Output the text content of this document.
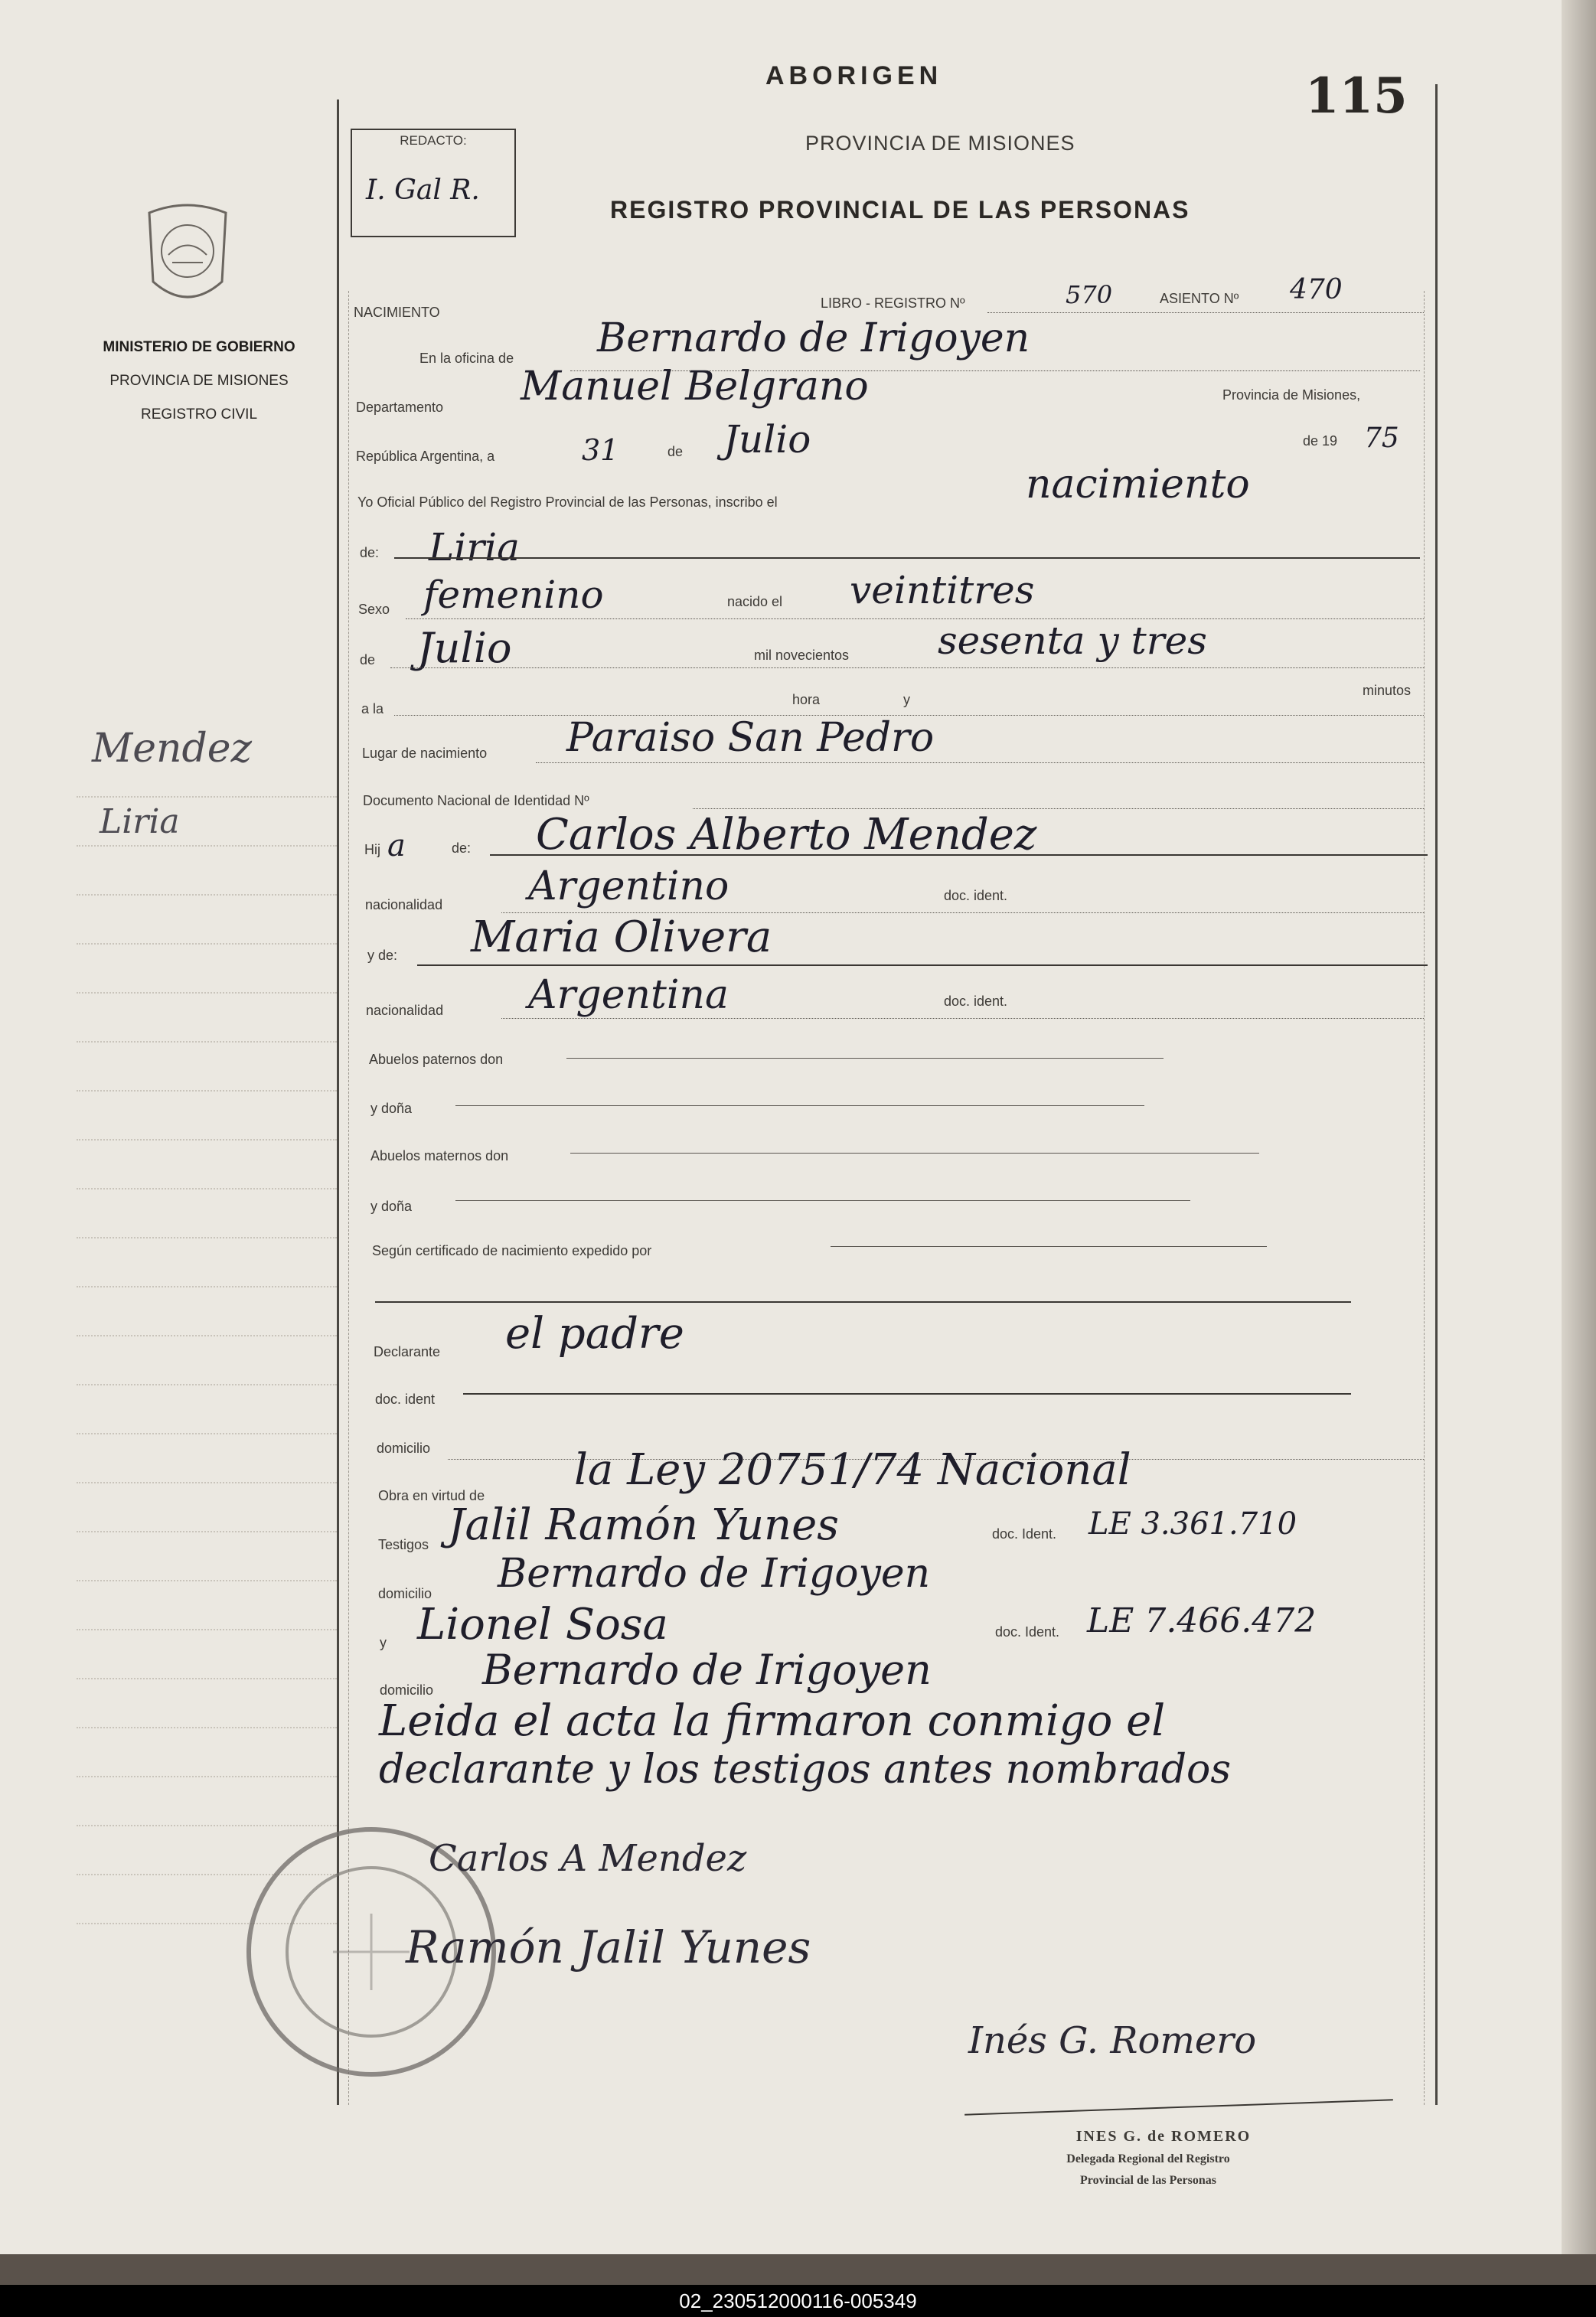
MINISTERIO DE GOBIERNO
PROVINCIA DE MISIONES
REGISTRO CIVIL
Mendez
Liria
ABORIGEN	115
PROVINCIA DE MISIONES
REGISTRO PROVINCIAL DE LAS PERSONAS
REDACTO:
I. Gal R.
NACIMIENTO
LIBRO - REGISTRO Nº	570	ASIENTO Nº 470
En la oficina de Bernardo de Irigoyen
Departamento Manuel Belgrano	Provincia de Misiones,
República Argentina, a	31	de Julio	de 19 75
Yo Oficial Público del Registro Provincial de las Personas, inscribo el	nacimiento
de: Liria
Sexo femenino	nacido el veintitres
de Julio	mil novecientos sesenta y tres
a la
hora	y
minutos
Lugar de nacimiento Paraiso San Pedro
Documento Nacional de Identidad Nº
Hij a	de: Carlos Alberto Mendez
nacionalidad Argentino	doc. ident.
y de: Maria Olivera
nacionalidad Argentina	doc. ident.
Abuelos paternos don
y doña
Abuelos maternos don
y doña
Según certificado de nacimiento expedido por
Declarante el padre
doc. ident
domicilio
Obra en virtud de
la Ley 20751/74 Nacional
Testigos Jalil Ramón Yunes	doc. Ident. LE 3.361.710
domicilio Bernardo de Irigoyen
y Lionel Sosa	doc. Ident. LE 7.466.472
domicilio Bernardo de Irigoyen
Leida el acta la firmaron conmigo el
declarante y los testigos antes nombrados
Carlos A Mendez
Ramón Jalil Yunes
Inés G. Romero
INES G. de ROMERO
Delegada Regional del Registro
Provincial de las Personas
02_230512000116-005349
